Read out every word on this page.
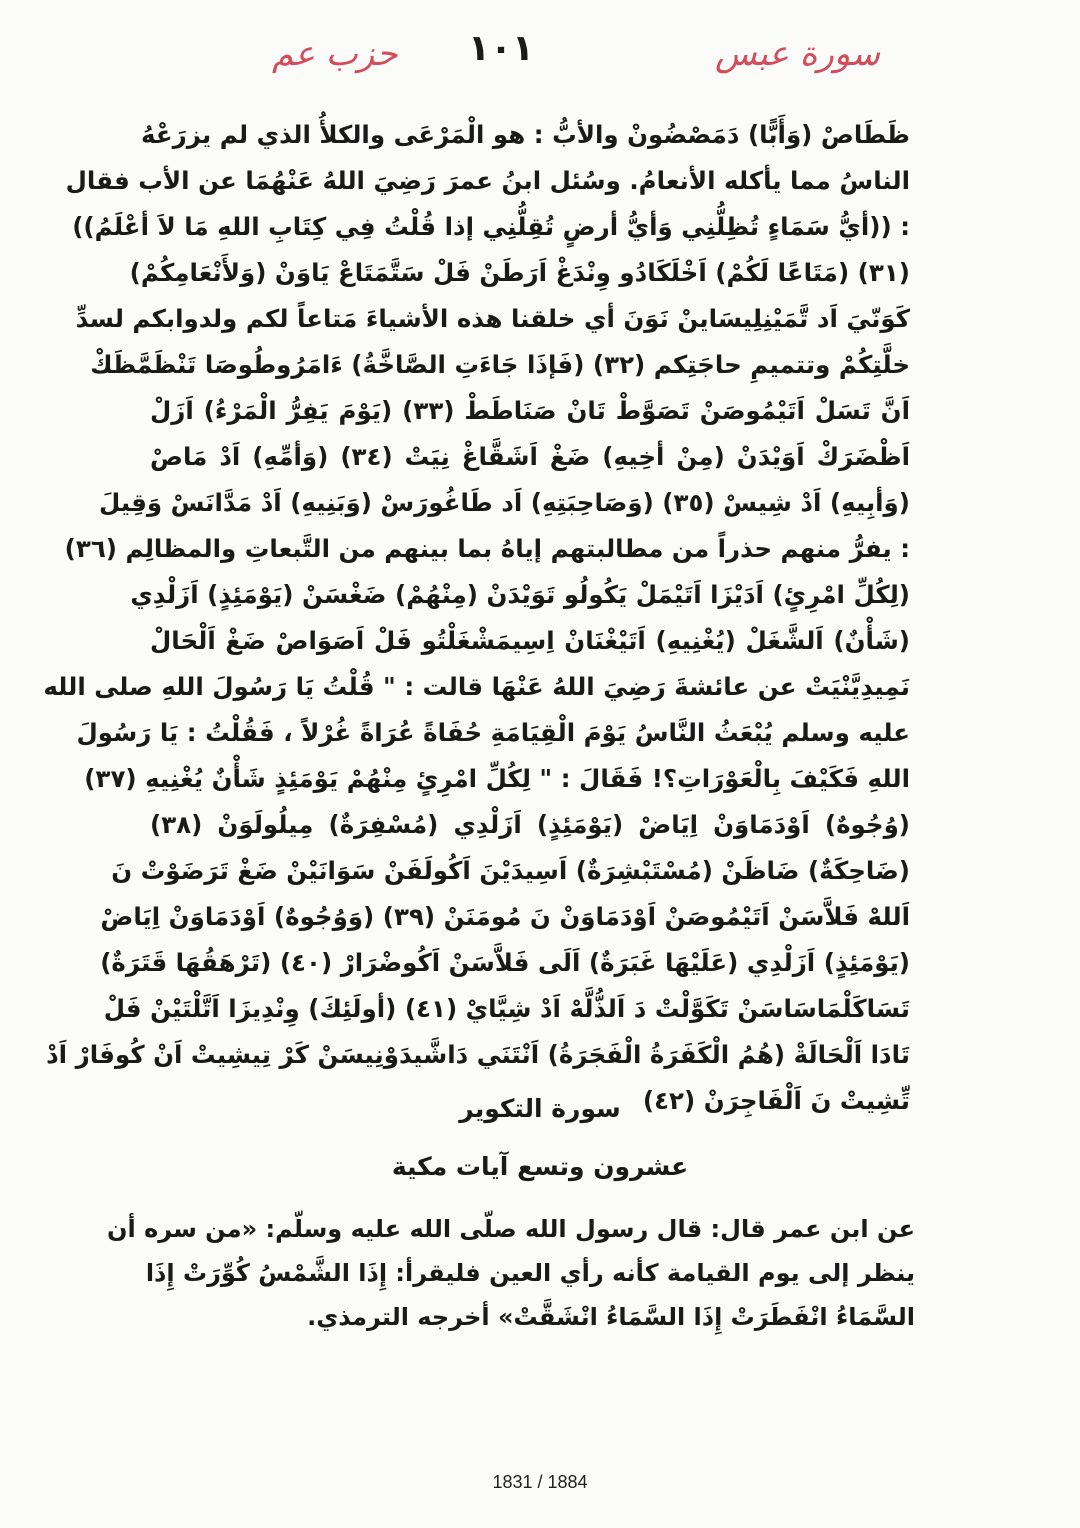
حزب عم	١٠١	سورة عبس
ظَطَاصْ (وَأَبًّا) دَمَصْضُونْ والأبُّ : هو الْمَرْعَى والكلأُ الذي لم يزرَعْهُ
الناسُ مما يأكله الأنعامُ. وسُئل ابنُ عمرَ رَضِيَ اللهُ عَنْهُمَا عن الأب فقال
: ((أيُّ سَمَاءٍ تُظِلُّنِي وَأيُّ أرضٍ تُقِلُّنِي إذا قُلْتُ فِي كِتَابِ اللهِ مَا لاَ أعْلَمُ))
(٣١) (مَتَاعًا لَكُمْ) اَخْلَكَادُو وِنْدَغْ اَرَطَنْ فَلْ سَتَّمَتَاعْ يَاوَنْ (وَلأَنْعَامِكُمْ)
كَوَنّيَ اَد تَّمَيْنِلِيسَاينْ نَوَنَ أي خلقنا هذه الأشياءَ مَتاعاً لكم ولدوابكم لسدِّ
خلَّتِكُمْ وتتميمِ حاجَتِكم (٣٢) (فَإذَا جَاءَتِ الصَّاخَّةُ) ءَامَرُوطُوصَا تَنْظَمَّظَكْ
اَنَّ تَسَلْ اَتَيْمُوصَنْ تَصَوَّطْ تَانْ صَنَاطَطْ (٣٣) (يَوْمَ يَفِرُّ الْمَرْءُ) اَزَلْ
اَظْضَرَكْ اَوَيْدَنْ (مِنْ أخِيهِ) ضَغْ اَشَقَّاغْ نِيَتْ (٣٤) (وَأمِّهِ) اَدْ مَاصْ
(وَأبِيهِ) اَدْ شِيسْ (٣٥) (وَصَاحِبَتِهِ) اَد طَاغُورَسْ (وَبَنِيهِ) اَدْ مَدَّانَسْ وَقِيلَ
: يفرُّ منهم حذراً من مطالبتهم إياهُ بما بينهم من التَّبعاتِ والمظالِم (٣٦)
(لِكُلِّ امْرِئٍ) اَدَيْزَا اَتَيْمَلْ يَكُولُو تَوَيْدَنْ (مِنْهُمْ) ضَغْسَنْ (يَوْمَئِذٍ) اَزَلْدِي
(شَأْنٌ) اَلشَّغَلْ (يُغْنِيهِ) اَتَيْغْنَانْ اِسِيمَشْغَلْتُو فَلْ اَصَوَاصْ ضَغْ اَلْحَالْ
نَمِيدِيَّنْيَتْ عن عائشةَ رَضِيَ اللهُ عَنْهَا قالت : " قُلْتُ يَا رَسُولَ اللهِ صلى الله
عليه وسلم يُبْعَثُ النَّاسُ يَوْمَ الْقِيَامَةِ حُفَاةً عُرَاةً غُرْلاً ، فَقُلْتُ : يَا رَسُولَ
اللهِ فَكَيْفَ بِالْعَوْرَاتِ؟! فَقَالَ : " لِكُلِّ امْرِئٍ مِنْهُمْ يَوْمَئِذٍ شَأْنٌ يُغْنِيهِ (٣٧)
(وُجُوهٌ) اَوْدَمَاوَنْ اِيَاضْ (يَوْمَئِذٍ) اَزَلْدِي (مُسْفِرَةٌ) مِيلُولَوَنْ (٣٨)
(ضَاحِكَةٌ) ضَاظَنْ (مُسْتَبْشِرَةٌ) اَسِيدَيْنَ اَكُولَفَنْ سَوَانَيْنْ ضَغْ تَرَضَوْتْ نَ
اَللهْ فَلاَّسَنْ اَتَيْمُوصَنْ اَوْدَمَاوَنْ نَ مُومَنَنْ (٣٩) (وَوُجُوهٌ) اَوْدَمَاوَنْ اِيَاضْ
(يَوْمَئِذٍ) اَزَلْدِي (عَلَيْهَا غَبَرَةٌ) اَلَى فَلاَّسَنْ اَكُوضْرَارْ (٤٠) (تَرْهَقُهَا قَتَرَةٌ)
تَسَاكَلْمَاسَاسَنْ تَكَوَّلْتْ دَ اَلذُّلَّهْ اَدْ شِيَّايْ (٤١) (أولَئِكَ) وِنْدِيزَا اَتَّلْتَيْنْ فَلْ
تَادَا اَلْحَالَةْ (هُمُ الْكَفَرَةُ الْفَجَرَةُ) اَنْتَنَي دَاشَّيدَوْنِيسَنْ كَرْ تِيشِيتْ اَنْ كُوفَارْ اَدْ
تِّشِيتْ نَ اَلْفَاجِرَنْ (٤٢)
سورة التكوير
عشرون وتسع آيات مكية
عن ابن عمر قال: قال رسول الله صلّى الله عليه وسلّم: «من سره أن
ينظر إلى يوم القيامة كأنه رأي العين فليقرأ: إِذَا الشَّمْسُ كُوِّرَتْ إِذَا
السَّمَاءُ انْفَطَرَتْ إِذَا السَّمَاءُ انْشَقَّتْ» أخرجه الترمذي.
1831 / 1884
